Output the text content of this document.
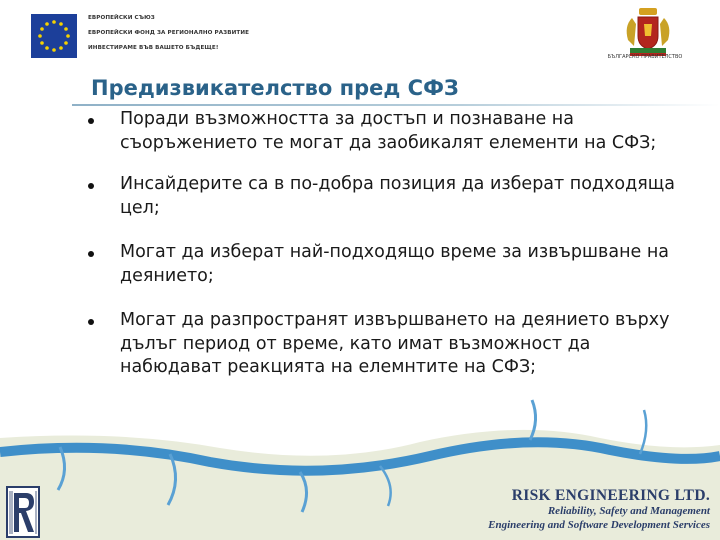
ЕВРОПЕЙСКИ СЪЮЗ
ЕВРОПЕЙСКИ ФОНД ЗА РЕГИОНАЛНО РАЗВИТИЕ
ИНВЕСТИРАМЕ ВЪВ ВАШЕТО БЪДЕЩЕ!
БЪЛГАРСКО ПРАВИТЕЛСТВО
Предизвикателство пред СФЗ
Поради възможността за достъп и познаване на съоръжението те могат да заобикалят елементи на СФЗ;
Инсайдерите са в по-добра позиция да изберат подходяща цел;
Могат да изберат най-подходящо време за извършване на деянието;
Могат да разпространят извършването на деянието върху дълъг период от време, като имат възможност да набюдават реакцията на елемнтите на СФЗ;
RISK ENGINEERING LTD.
Reliability, Safety and Management
Engineering and Software Development Services
